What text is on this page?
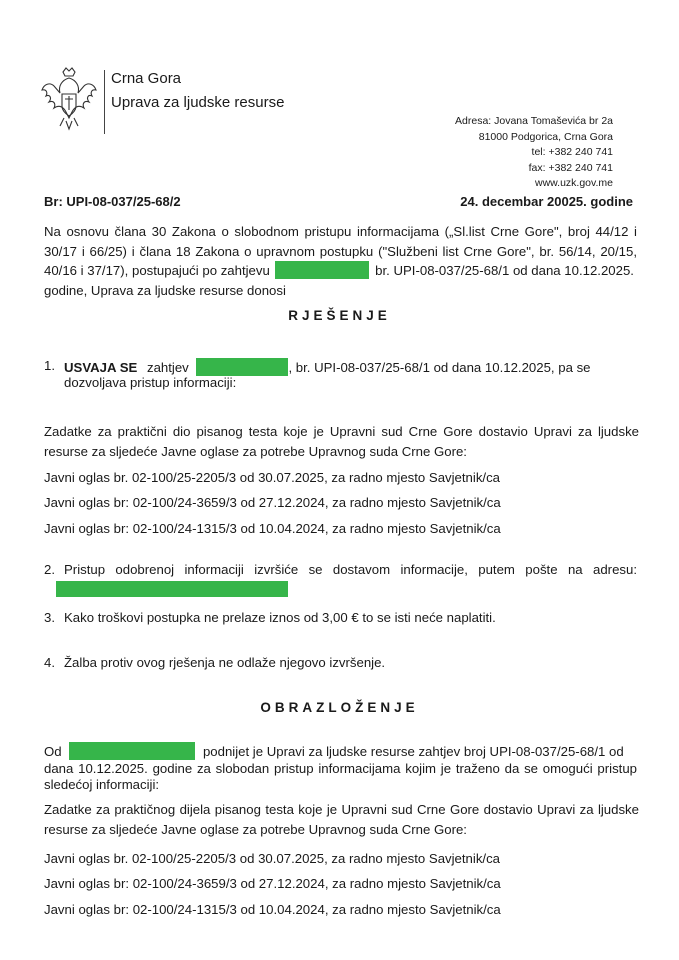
Crna Gora
Uprava za ljudske resurse
Adresa: Jovana Tomaševića br 2a
81000 Podgorica, Crna Gora
tel: +382 240 741
fax: +382 240 741
www.uzk.gov.me
Br: UPI-08-037/25-68/2	24. decembar 20025. godine
Na osnovu člana 30 Zakona o slobodnom pristupu informacijama („Sl.list Crne Gore", broj 44/12 i
30/17 i 66/25) i člana 18 Zakona o upravnom postupku ("Službeni list Crne Gore", br. 56/14, 20/15,
40/16 i 37/17), postupajući po zahtjevu	br. UPI-08-037/25-68/1 od dana 10.12.2025.
godine, Uprava za ljudske resurse donosi
RJEŠENJE
1. USVAJA SE zahtjev	, br. UPI-08-037/25-68/1 od dana 10.12.2025, pa se
dozvoljava pristup informaciji:
Zadatke za praktični dio pisanog testa koje je Upravni sud Crne Gore dostavio Upravi za ljudske
resurse za sljedeće Javne oglase za potrebe Upravnog suda Crne Gore:
Javni oglas br. 02-100/25-2205/3 od 30.07.2025, za radno mjesto Savjetnik/ca
Javni oglas br: 02-100/24-3659/3 od 27.12.2024, za radno mjesto Savjetnik/ca
Javni oglas br: 02-100/24-1315/3 od 10.04.2024, za radno mjesto Savjetnik/ca
2. Pristup odobrenoj informaciji izvršiće se dostavom informacije, putem pošte na adresu:
3. Kako troškovi postupka ne prelaze iznos od 3,00 € to se isti neće naplatiti.
4. Žalba protiv ovog rješenja ne odlaže njegovo izvršenje.
OBRAZLOŽENJE
Od	podnijet je Upravi za ljudske resurse zahtjev broj UPI-08-037/25-68/1 od
dana 10.12.2025. godine za slobodan pristup informacijama kojim je traženo da se omogući pristup
sledećoj informaciji:
Zadatke za praktičnog dijela pisanog testa koje je Upravni sud Crne Gore dostavio Upravi za ljudske
resurse za sljedeće Javne oglase za potrebe Upravnog suda Crne Gore:
Javni oglas br. 02-100/25-2205/3 od 30.07.2025, za radno mjesto Savjetnik/ca
Javni oglas br: 02-100/24-3659/3 od 27.12.2024, za radno mjesto Savjetnik/ca
Javni oglas br: 02-100/24-1315/3 od 10.04.2024, za radno mjesto Savjetnik/ca
